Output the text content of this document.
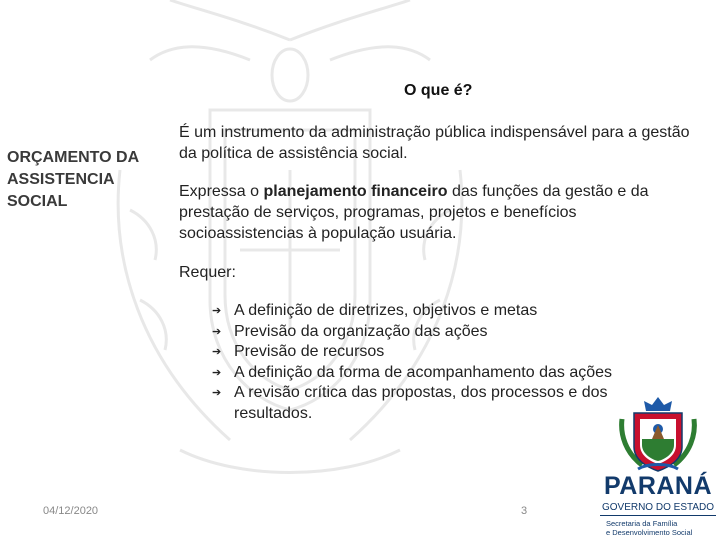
ORÇAMENTO DA ASSISTENCIA SOCIAL
O que é?
É um instrumento da administração pública indispensável para a gestão da política de assistência social.
Expressa o planejamento financeiro das funções da gestão e da prestação de serviços, programas, projetos e benefícios socioassistencias à população usuária.
Requer:
➔ A definição de diretrizes, objetivos e metas
➔ Previsão da organização das ações
➔ Previsão de recursos
➔ A definição da forma de acompanhamento das ações
➔ A revisão crítica das propostas, dos processos e dos resultados.
04/12/2020	3
PARANÁ
GOVERNO DO ESTADO
Secretaria da Família
e Desenvolvimento Social
